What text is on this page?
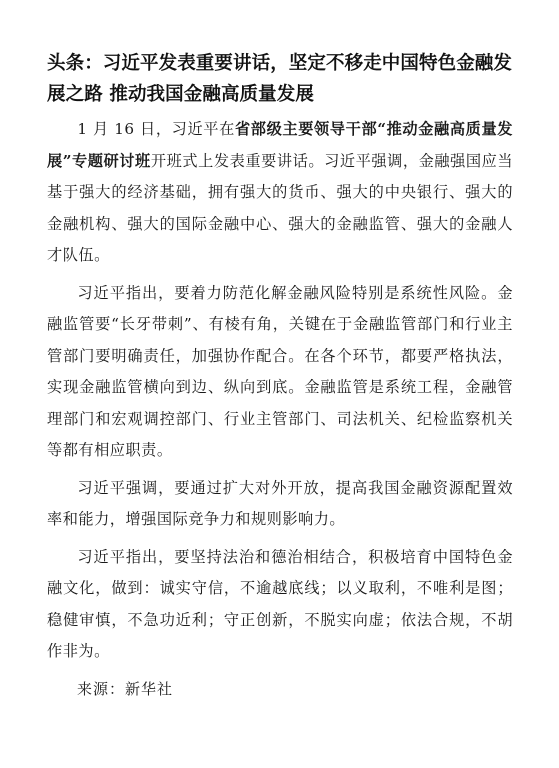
头条：习近平发表重要讲话，坚定不移走中国特色金融发展之路 推动我国金融高质量发展

1 月 16 日，习近平在省部级主要领导干部“推动金融高质量发展”专题研讨班开班式上发表重要讲话。习近平强调，金融强国应当基于强大的经济基础，拥有强大的货币、强大的中央银行、强大的金融机构、强大的国际金融中心、强大的金融监管、强大的金融人才队伍。

习近平指出，要着力防范化解金融风险特别是系统性风险。金融监管要“长牙带刺”、有棱有角，关键在于金融监管部门和行业主管部门要明确责任，加强协作配合。在各个环节，都要严格执法，实现金融监管横向到边、纵向到底。金融监管是系统工程，金融管理部门和宏观调控部门、行业主管部门、司法机关、纪检监察机关等都有相应职责。

习近平强调，要通过扩大对外开放，提高我国金融资源配置效率和能力，增强国际竞争力和规则影响力。

习近平指出，要坚持法治和德治相结合，积极培育中国特色金融文化，做到：诚实守信，不逾越底线；以义取利，不唯利是图；稳健审慎，不急功近利；守正创新，不脱实向虚；依法合规，不胡作非为。

来源：新华社
